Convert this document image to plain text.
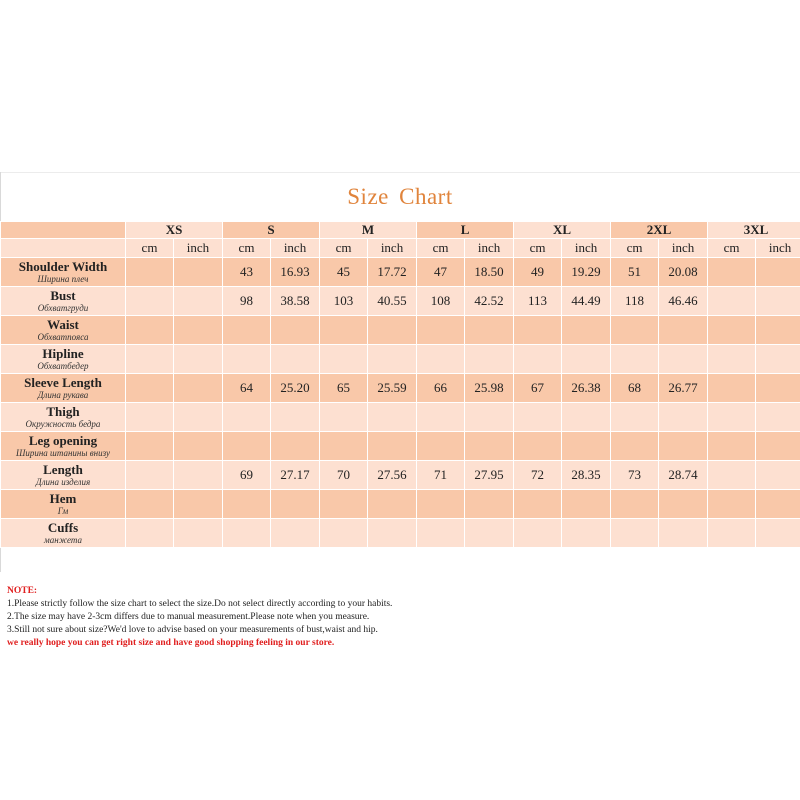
Size Chart
	XS		S		M		L		XL		2XL		3XL	
	cm	inch	cm	inch	cm	inch	cm	inch	cm	inch	cm	inch	cm	inch

Shoulder Width
Ширина плеч			43	16.93	45	17.72	47	18.50	49	19.29	51	20.08		

Bust
Обхватгруди			98	38.58	103	40.55	108	42.52	113	44.49	118	46.46		

Waist
Обхватпояса														

Hipline
Обхватбедер														

Sleeve Length
Длина рукава			64	25.20	65	25.59	66	25.98	67	26.38	68	26.77		

Thigh
Окружность бедра														

Leg opening
Ширина штанины внизу														

Length
Длина изделия			69	27.17	70	27.56	71	27.95	72	28.35	73	28.74		

Hem
Гм														

Cuffs
манжета														

NOTE:
1.Please strictly follow the size chart to select the size.Do not select directly according to your habits.
2.The size may have 2-3cm differs due to manual measurement.Please note when you measure.
3.Still not sure about size?We'd love to advise based on your measurements of bust,waist and hip.
we really hope you can get right size and have good shopping feeling in our store.
